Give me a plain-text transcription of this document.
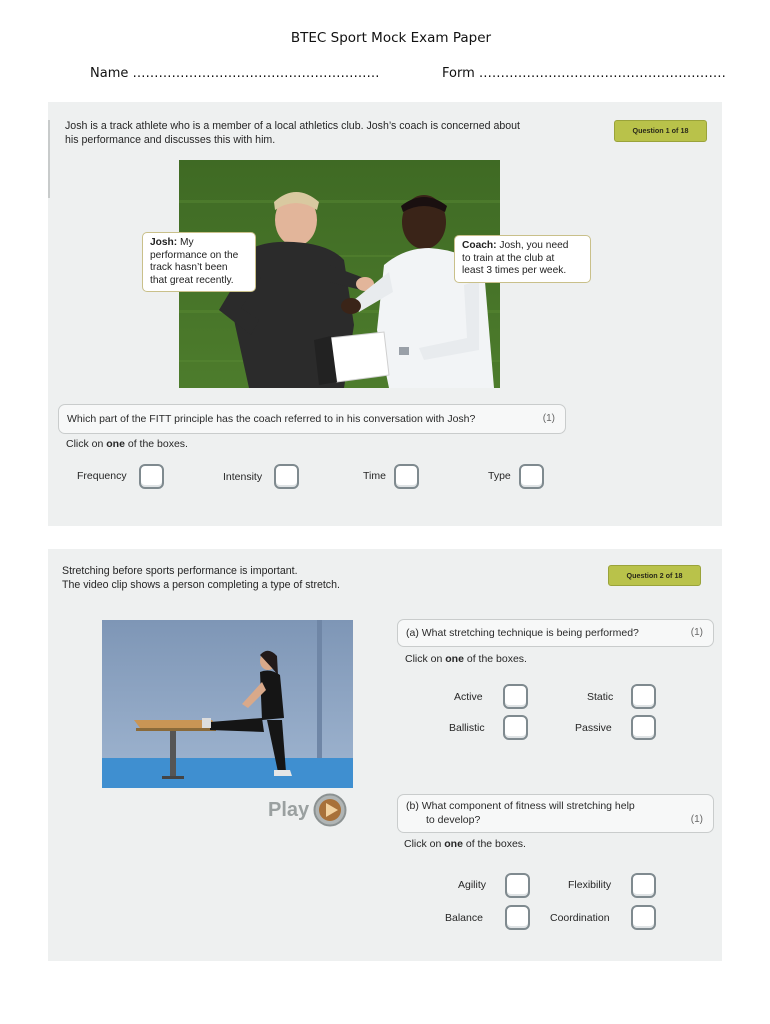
BTEC Sport Mock Exam Paper
Name …………………………………………………	Form …………………………………………………
Josh is a track athlete who is a member of a local athletics club. Josh’s coach is concerned about
his performance and discusses this with him.
Question 1 of 18
Josh: My
performance on the
track hasn’t been
that great recently.
Coach: Josh, you need
to train at the club at
least 3 times per week.
Which part of the FITT principle has the coach referred to in his conversation with Josh?	(1)
Click on one of the boxes.
Frequency	Intensity	Time	Type
Stretching before sports performance is important.
The video clip shows a person completing a type of stretch.
Question 2 of 18
Play
(a) What stretching technique is being performed?	(1)
Click on one of the boxes.
Active	Static
Ballistic	Passive
(b) What component of fitness will stretching help
to develop?	(1)
Click on one of the boxes.
Agility	Flexibility
Balance	Coordination
